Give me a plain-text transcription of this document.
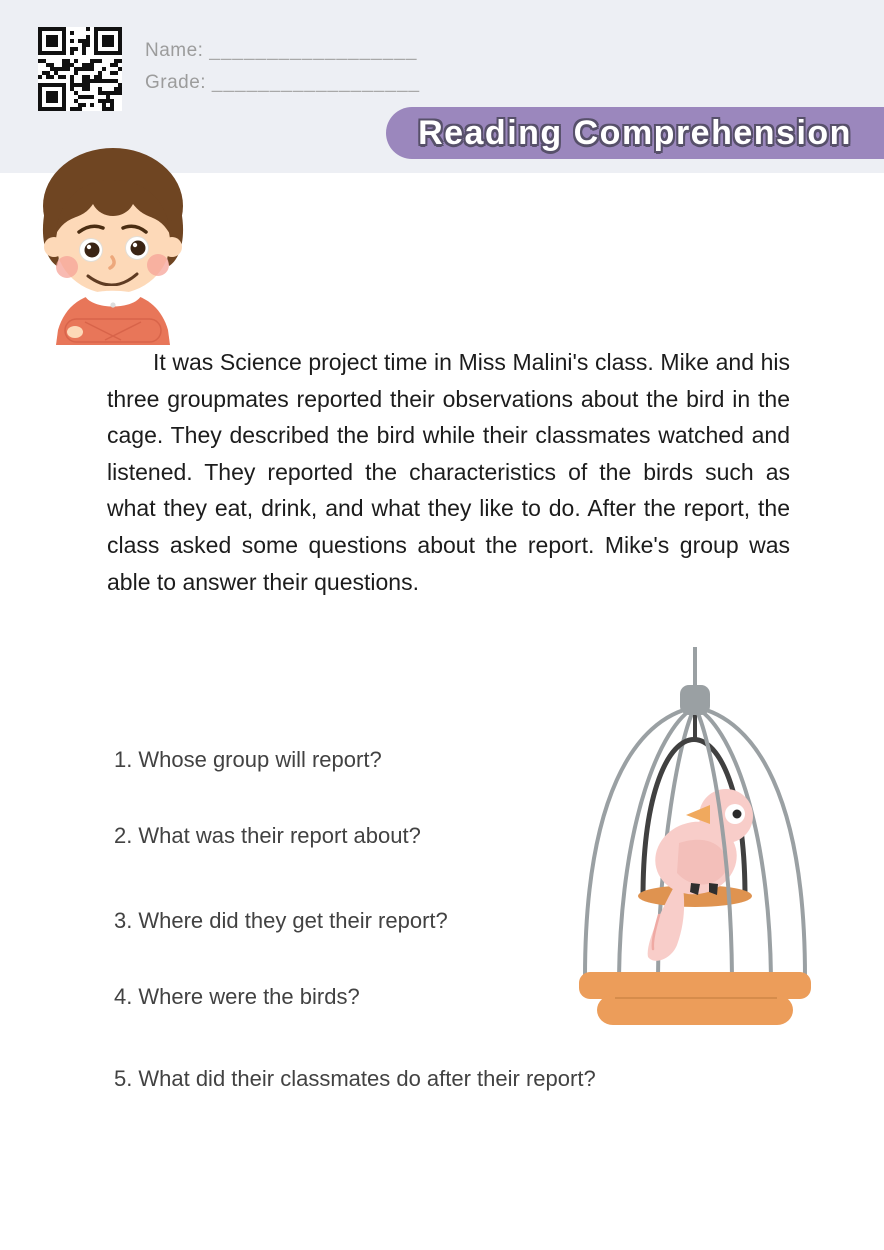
Name: __________________
Grade: __________________
Reading Comprehension

It was Science project time in Miss Malini's class. Mike and his three groupmates reported their observations about the bird in the cage. They described the bird while their classmates watched and listened. They reported the characteristics of the birds such as what they eat, drink, and what they like to do. After the report, the class asked some questions about the report. Mike's group was able to answer their questions.

1. Whose group will report?
2. What was their report about?
3. Where did they get their report?
4. Where were the birds?
5. What did their classmates do after their report?
